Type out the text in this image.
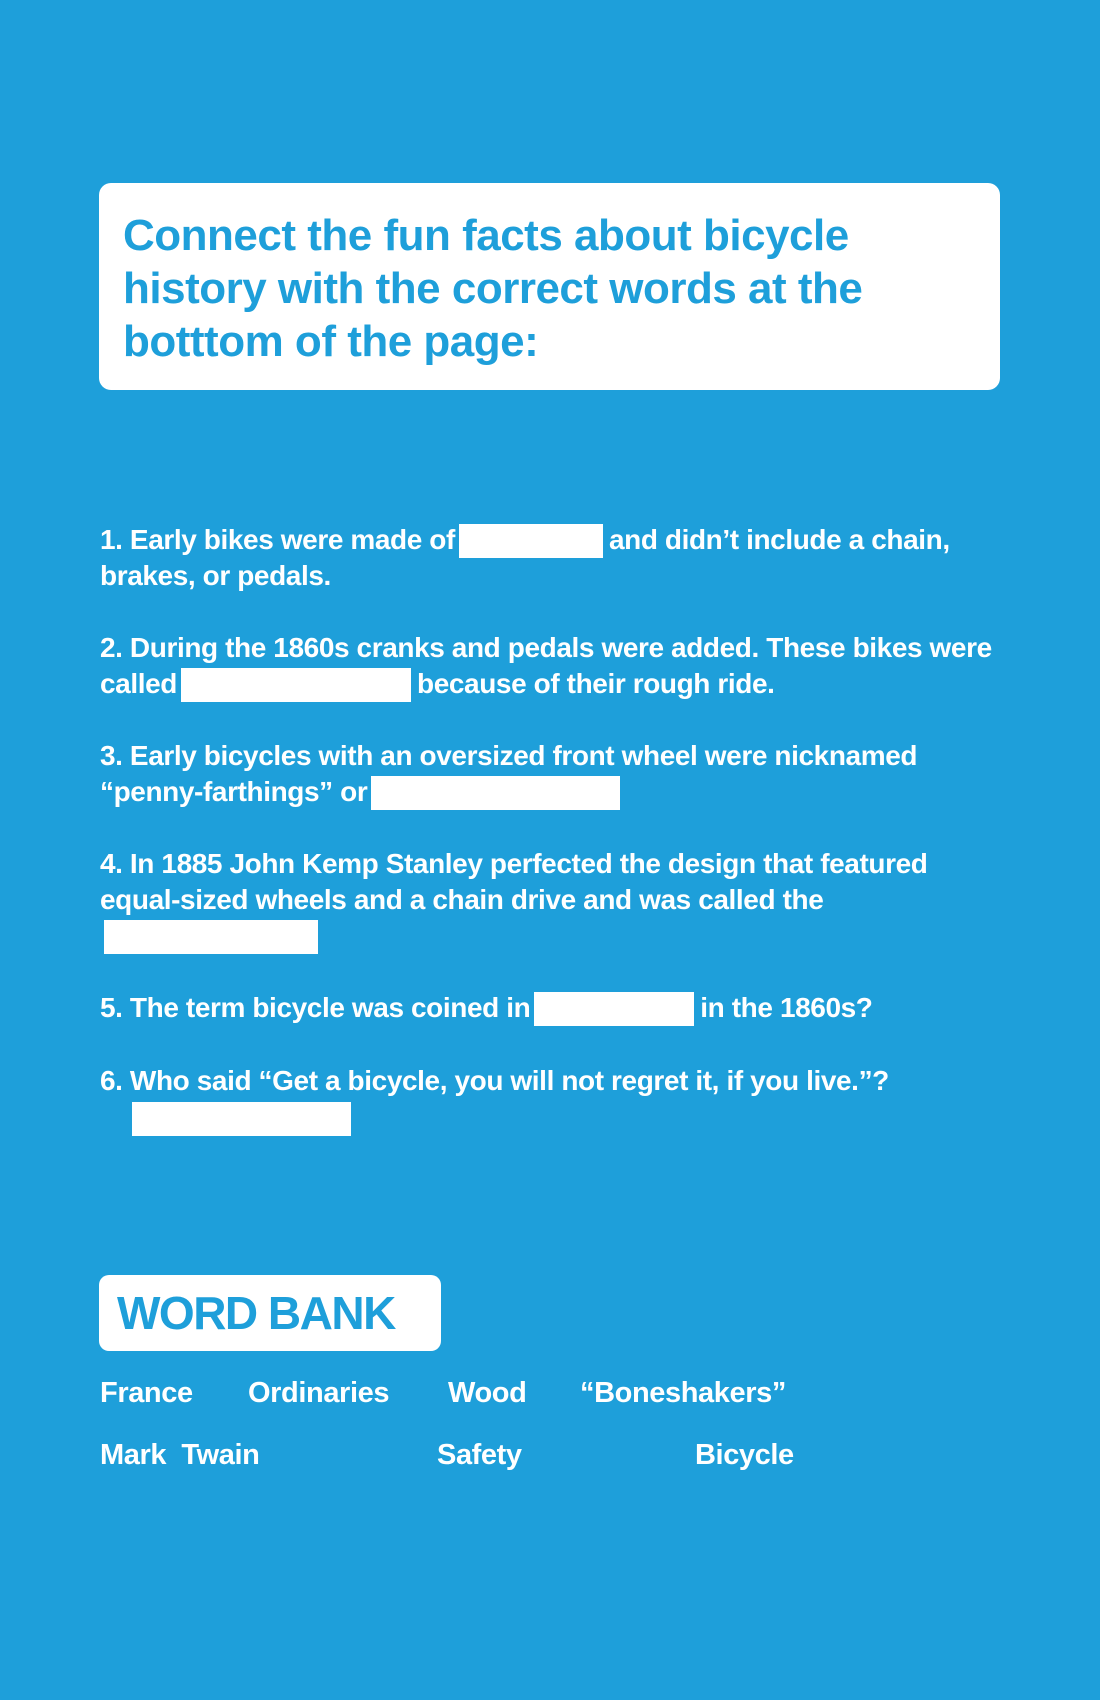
Connect the fun facts about bicycle history with the correct words at the botttom of the page:
1. Early bikes were made of	and didn’t include a chain, brakes, or pedals.
2. During the 1860s cranks and pedals were added. These bikes were called	because of their rough ride.
3. Early bicycles with an oversized front wheel were nicknamed “penny-farthings” or
4. In 1885 John Kemp Stanley perfected the design that featured equal-sized wheels and a chain drive and was called the
5. The term bicycle was coined in	in the 1860s?
6. Who said “Get a bicycle, you will not regret it, if you live.”?
WORD BANK
France Ordinaries Wood “Boneshakers”
Mark  Twain	Safety	Bicycle
